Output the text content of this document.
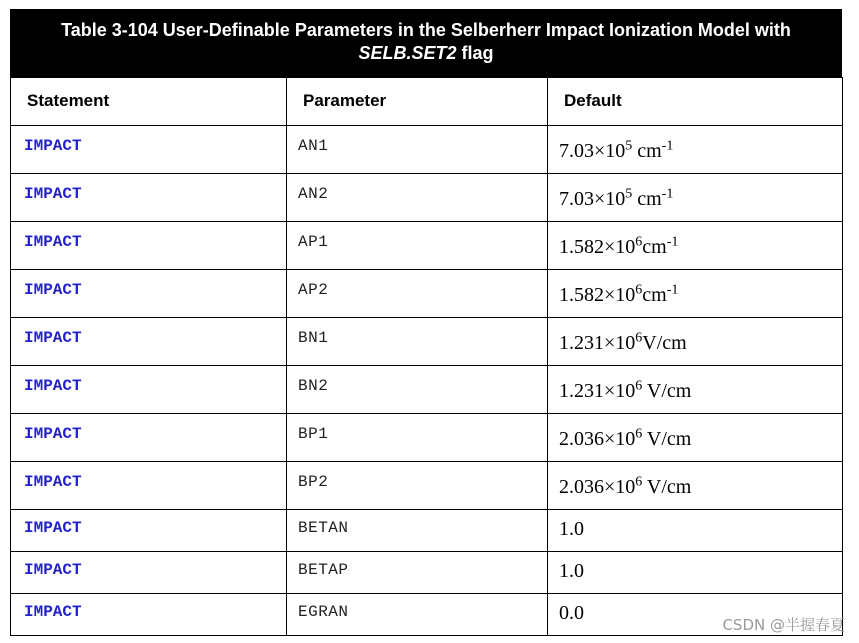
Table 3-104 User-Definable Parameters in the Selberherr Impact Ionization Model with
SELB.SET2 flag
Statement	Parameter	Default
IMPACT	AN1	$7.03\times 10^5$ $cm^{-1}$
IMPACT	AN2	$7.03\times 10^5$ $cm^{-1}$
IMPACT	AP1	$1.582\times 10^6cm^{-1}$
IMPACT	AP2	$1.582\times 10^6cm^{-1}$
IMPACT	BN1	$1.231\times 10^6V/cm$
IMPACT	BN2	$1.231\times 10^6$ V/cm
IMPACT	BP1	$2.036\times 10^6$ V/cm
IMPACT	BP2	$2.036\times 10^6$ V/cm
IMPACT	BETAN	1.0
IMPACT	BETAP	1.0
IMPACT	EGRAN	0.0
CSDN @半握春夏
